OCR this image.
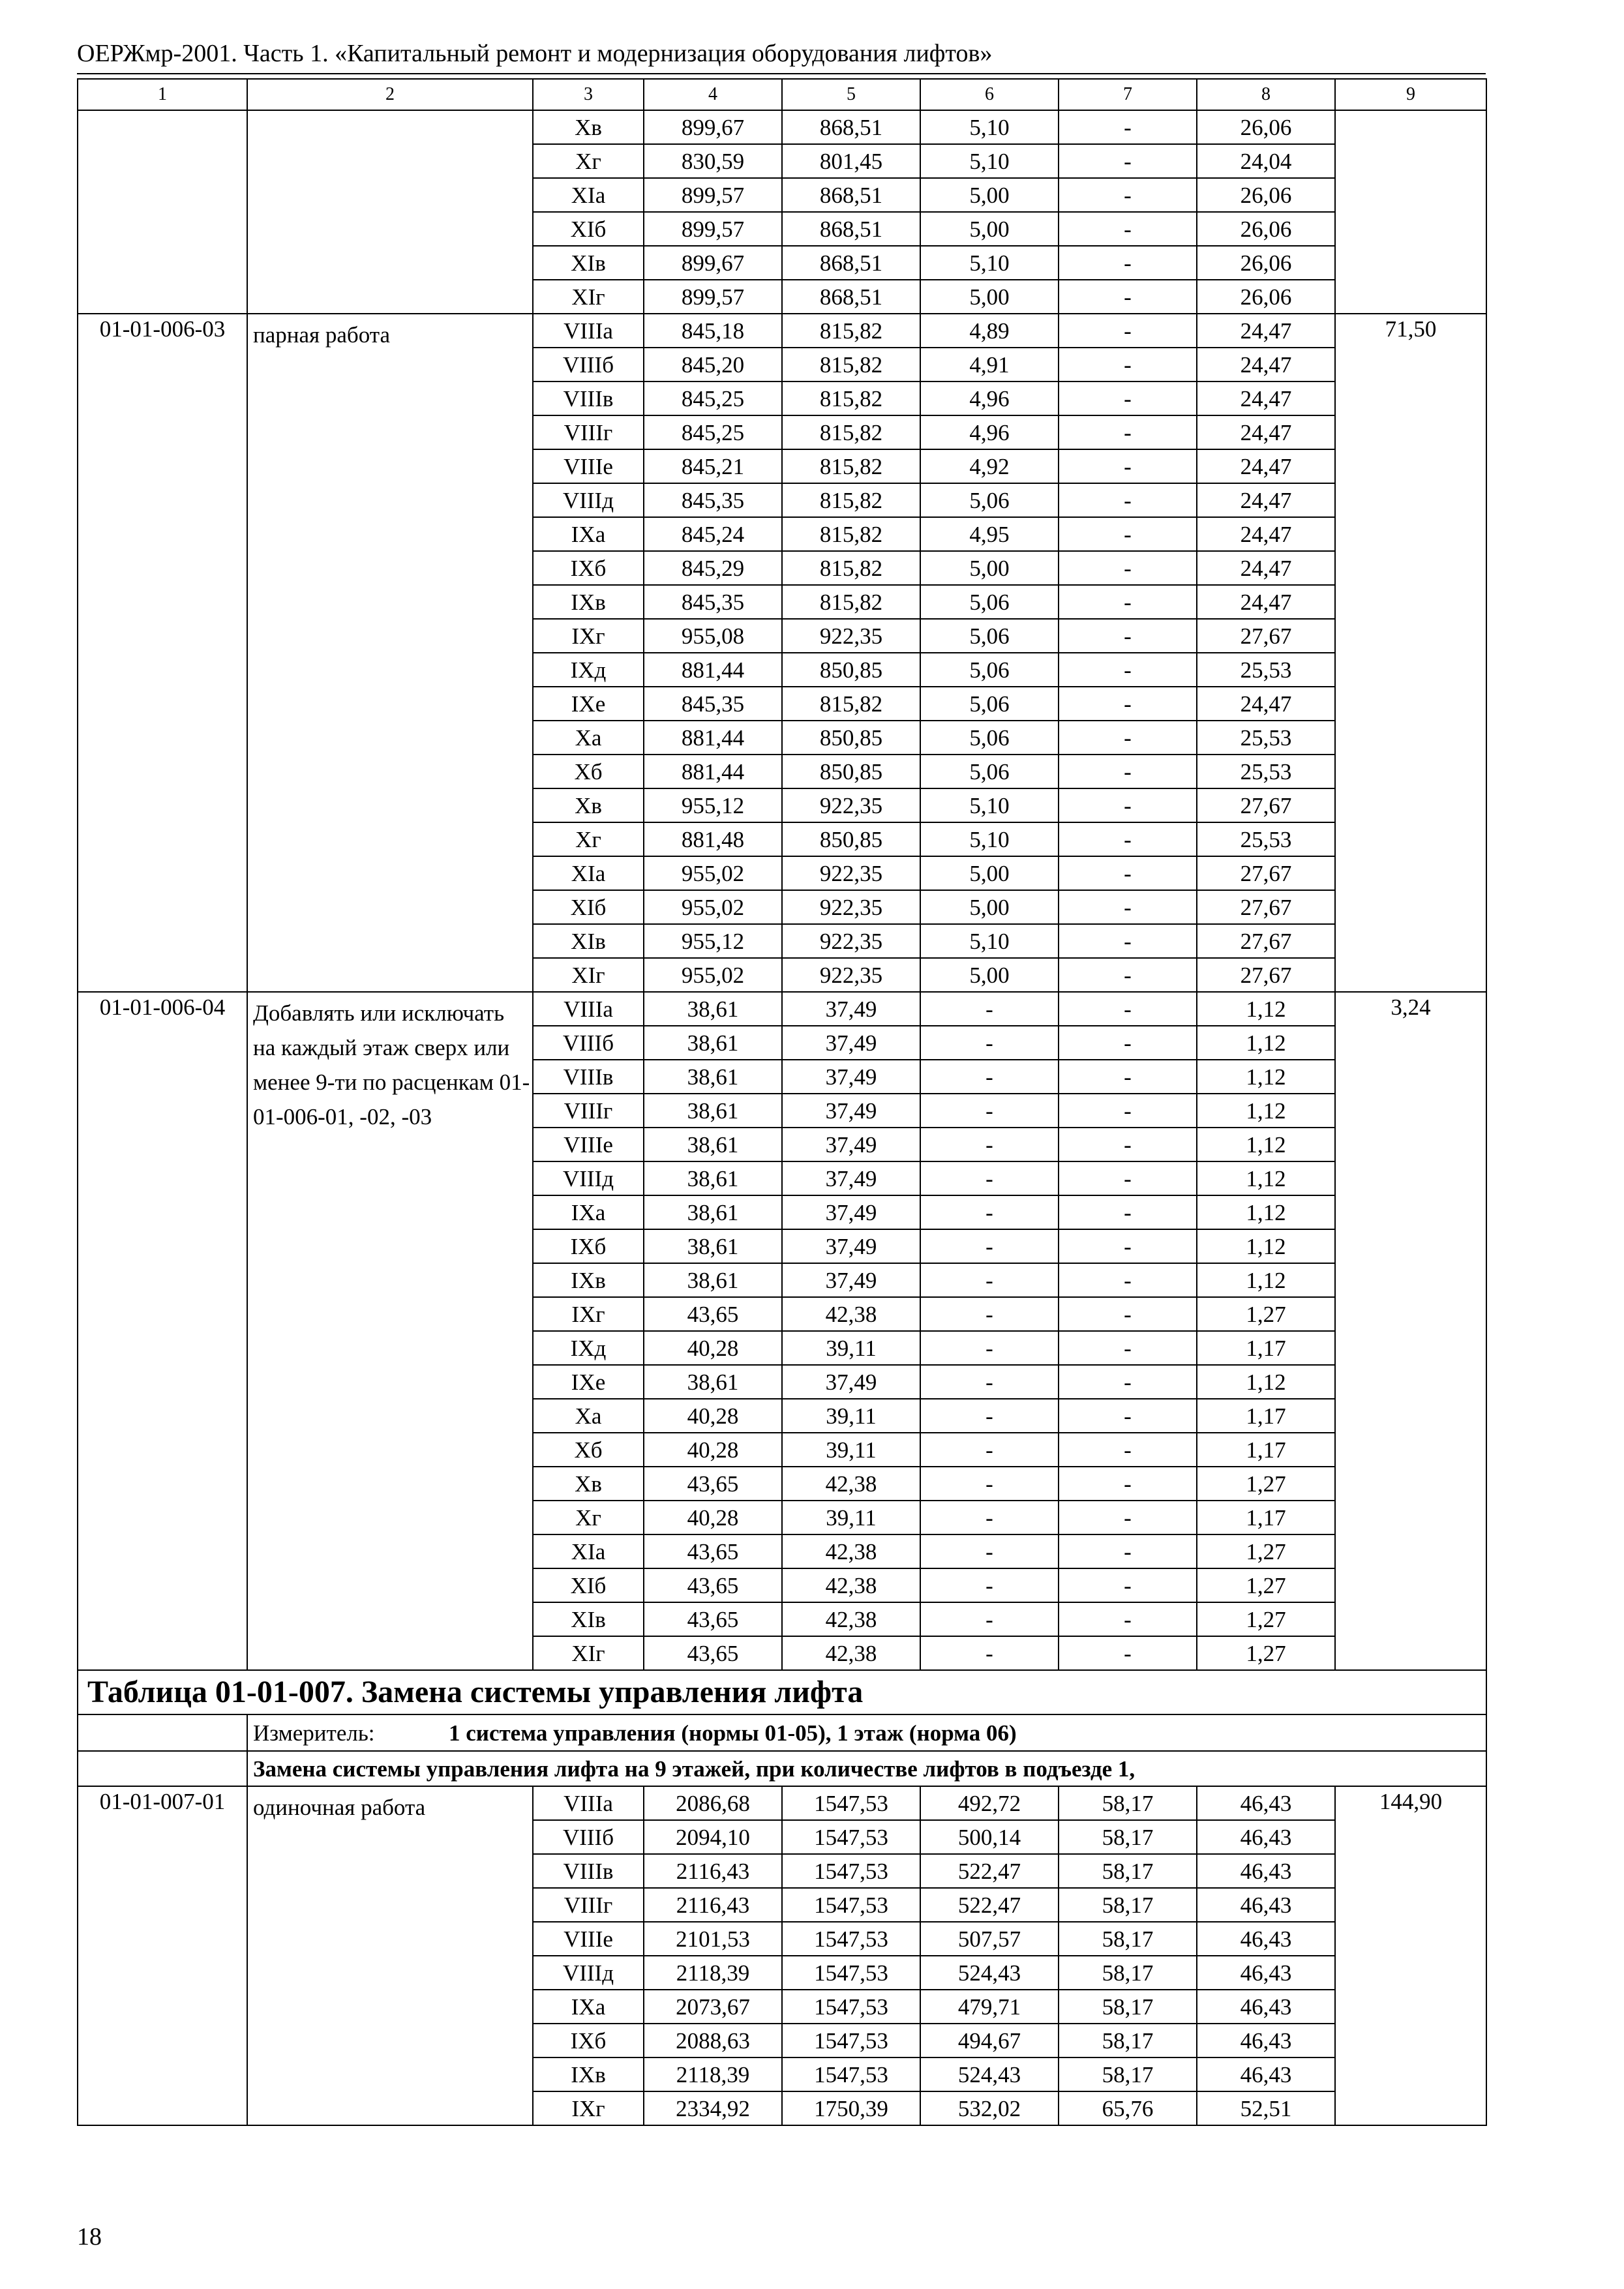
ОЕРЖмр-2001. Часть 1. «Капитальный ремонт и модернизация оборудования лифтов»
1	2	3	4	5	6	7	8	9
		Xв	899,67	868,51	5,10	-	26,06	
		Xг	830,59	801,45	5,10	-	24,04	
		XIа	899,57	868,51	5,00	-	26,06	
		XIб	899,57	868,51	5,00	-	26,06	
		XIв	899,67	868,51	5,10	-	26,06	
		XIг	899,57	868,51	5,00	-	26,06	
01-01-006-03	парная работа	VIIIа	845,18	815,82	4,89	-	24,47	71,50
		VIIIб	845,20	815,82	4,91	-	24,47	
		VIIIв	845,25	815,82	4,96	-	24,47	
		VIIIг	845,25	815,82	4,96	-	24,47	
		VIIIе	845,21	815,82	4,92	-	24,47	
		VIIIд	845,35	815,82	5,06	-	24,47	
		IXа	845,24	815,82	4,95	-	24,47	
		IXб	845,29	815,82	5,00	-	24,47	
		IXв	845,35	815,82	5,06	-	24,47	
		IXг	955,08	922,35	5,06	-	27,67	
		IXд	881,44	850,85	5,06	-	25,53	
		IXе	845,35	815,82	5,06	-	24,47	
		Xа	881,44	850,85	5,06	-	25,53	
		Xб	881,44	850,85	5,06	-	25,53	
		Xв	955,12	922,35	5,10	-	27,67	
		Xг	881,48	850,85	5,10	-	25,53	
		XIа	955,02	922,35	5,00	-	27,67	
		XIб	955,02	922,35	5,00	-	27,67	
		XIв	955,12	922,35	5,10	-	27,67	
		XIг	955,02	922,35	5,00	-	27,67	
01-01-006-04	Добавлять или исключать на каждый этаж сверх или менее 9-ти по расценкам 01-01-006-01, -02, -03	VIIIа	38,61	37,49	-	-	1,12	3,24
		VIIIб	38,61	37,49	-	-	1,12	
		VIIIв	38,61	37,49	-	-	1,12	
		VIIIг	38,61	37,49	-	-	1,12	
		VIIIе	38,61	37,49	-	-	1,12	
		VIIIд	38,61	37,49	-	-	1,12	
		IXа	38,61	37,49	-	-	1,12	
		IXб	38,61	37,49	-	-	1,12	
		IXв	38,61	37,49	-	-	1,12	
		IXг	43,65	42,38	-	-	1,27	
		IXд	40,28	39,11	-	-	1,17	
		IXе	38,61	37,49	-	-	1,12	
		Xа	40,28	39,11	-	-	1,17	
		Xб	40,28	39,11	-	-	1,17	
		Xв	43,65	42,38	-	-	1,27	
		Xг	40,28	39,11	-	-	1,17	
		XIа	43,65	42,38	-	-	1,27	
		XIб	43,65	42,38	-	-	1,27	
		XIв	43,65	42,38	-	-	1,27	
		XIг	43,65	42,38	-	-	1,27	
Таблица 01-01-007. Замена системы управления лифта								
	Измеритель: 1 система управления (нормы 01-05), 1 этаж (норма 06)							
	Замена системы управления лифта на 9 этажей, при количестве лифтов в подъезде 1,							
01-01-007-01	одиночная работа	VIIIа	2086,68	1547,53	492,72	58,17	46,43	144,90
		VIIIб	2094,10	1547,53	500,14	58,17	46,43	
		VIIIв	2116,43	1547,53	522,47	58,17	46,43	
		VIIIг	2116,43	1547,53	522,47	58,17	46,43	
		VIIIе	2101,53	1547,53	507,57	58,17	46,43	
		VIIIд	2118,39	1547,53	524,43	58,17	46,43	
		IXа	2073,67	1547,53	479,71	58,17	46,43	
		IXб	2088,63	1547,53	494,67	58,17	46,43	
		IXв	2118,39	1547,53	524,43	58,17	46,43	
		IXг	2334,92	1750,39	532,02	65,76	52,51	
18
